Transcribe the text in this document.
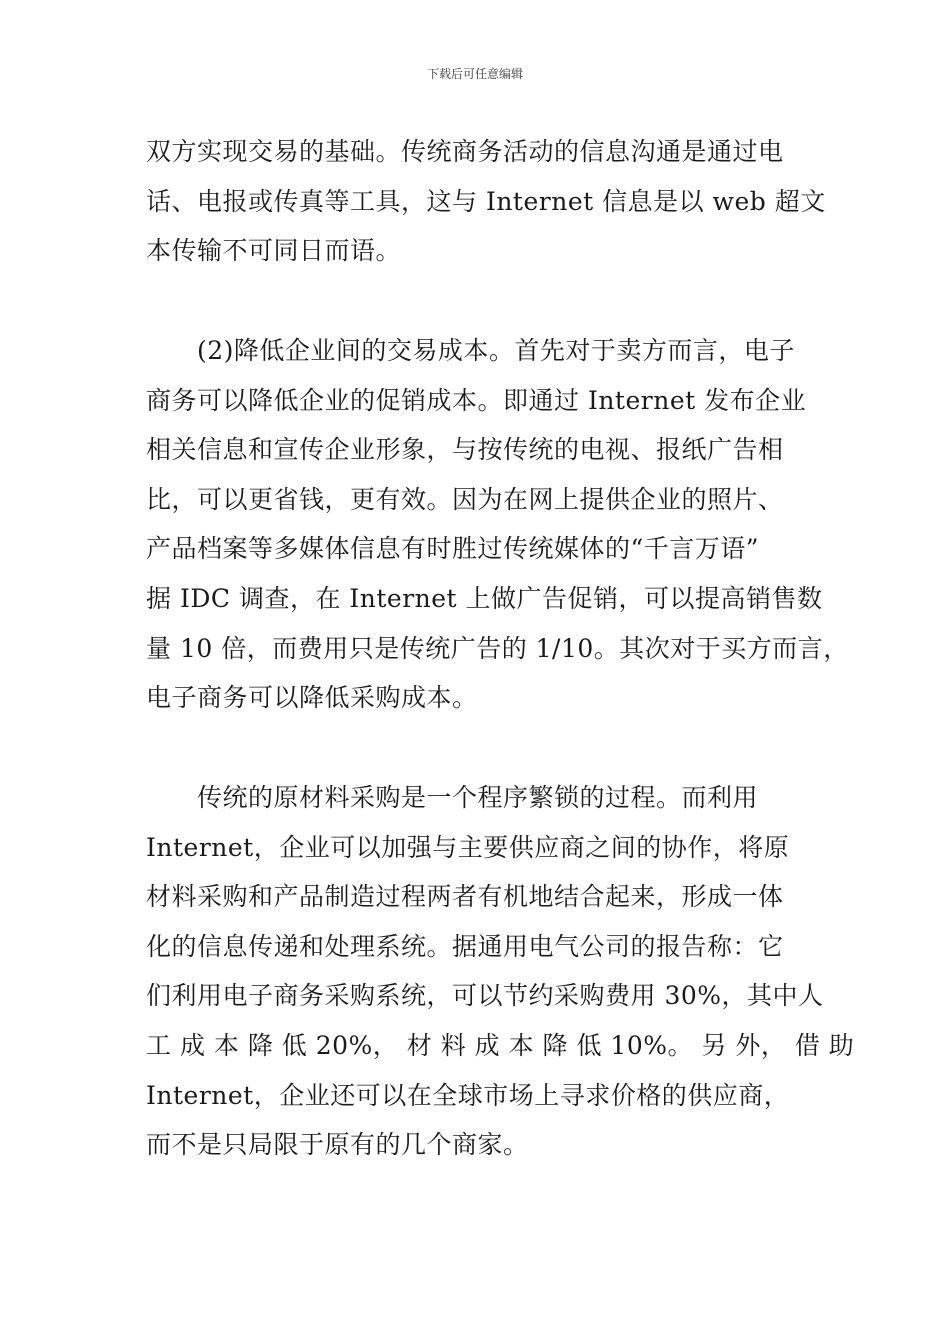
下载后可任意编辑
双方实现交易的基础。传统商务活动的信息沟通是通过电
话、电报或传真等工具，这与 Internet 信息是以 web 超文
本传输不可同日而语。
　　(2)降低企业间的交易成本。首先对于卖方而言，电子
商务可以降低企业的促销成本。即通过 Internet 发布企业
相关信息和宣传企业形象，与按传统的电视、报纸广告相
比，可以更省钱，更有效。因为在网上提供企业的照片、
产品档案等多媒体信息有时胜过传统媒体的“千言万语”
据 IDC 调查，在 Internet 上做广告促销，可以提高销售数
量 10 倍，而费用只是传统广告的 1/10。其次对于买方而言，
电子商务可以降低采购成本。
　　传统的原材料采购是一个程序繁锁的过程。而利用
Internet，企业可以加强与主要供应商之间的协作，将原
材料采购和产品制造过程两者有机地结合起来，形成一体
化的信息传递和处理系统。据通用电气公司的报告称：它
们利用电子商务采购系统，可以节约采购费用 30%，其中人
工 成 本 降 低 20%， 材 料 成 本 降 低 10%。 另 外， 借 助
Internet，企业还可以在全球市场上寻求价格的供应商，
而不是只局限于原有的几个商家。
